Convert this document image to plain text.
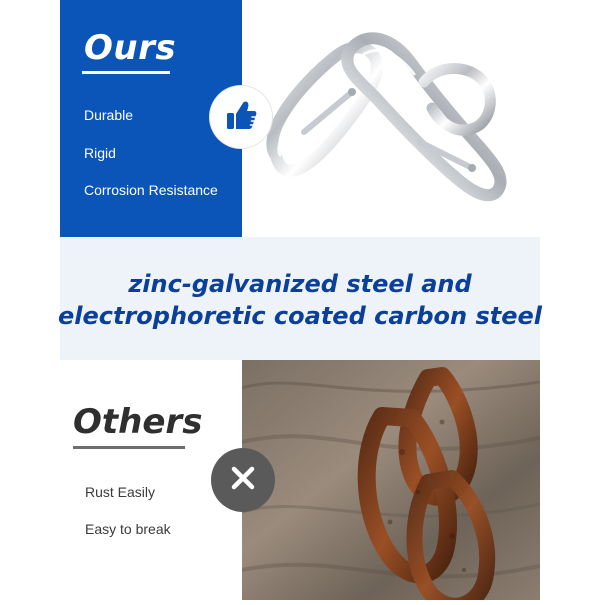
Ours
Durable
Rigid
Corrosion Resistance
zinc-galvanized steel and
electrophoretic coated carbon steel
Others
Rust Easily
Easy to break
